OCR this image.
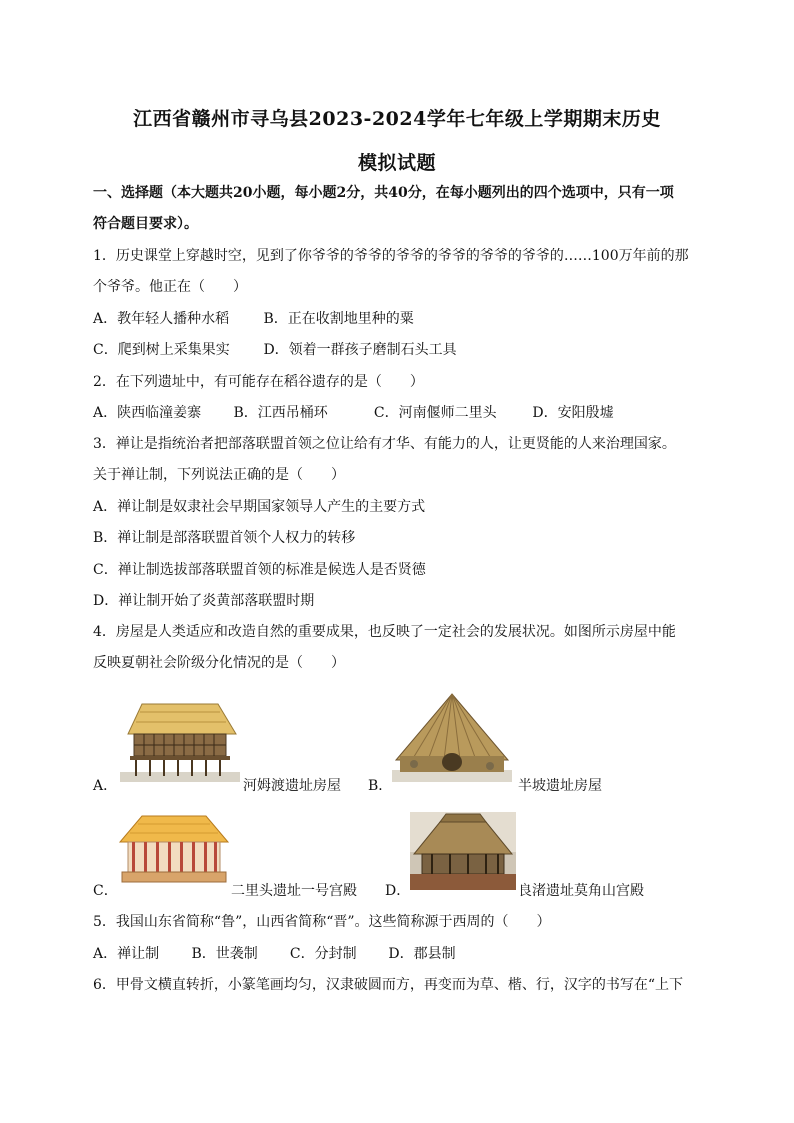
江西省赣州市寻乌县2023-2024学年七年级上学期期末历史
模拟试题
一、选择题（本大题共20小题，每小题2分，共40分，在每小题列出的四个选项中，只有一项
符合题目要求）。
1．历史课堂上穿越时空，见到了你爷爷的爷爷的爷爷的爷爷的爷爷的爷爷的……100万年前的那
个爷爷。他正在（　　）
A．教年轻人播种水稻 B．正在收割地里种的粟
C．爬到树上采集果实 D．领着一群孩子磨制石头工具
2．在下列遗址中，有可能存在稻谷遗存的是（　　）
A．陕西临潼姜寨 B．江西吊桶环	C．河南偃师二里头	D．安阳殷墟
3．禅让是指统治者把部落联盟首领之位让给有才华、有能力的人，让更贤能的人来治理国家。
关于禅让制，下列说法正确的是（　　）
A．禅让制是奴隶社会早期国家领导人产生的主要方式
B．禅让制是部落联盟首领个人权力的转移
C．禅让制选拔部落联盟首领的标准是候选人是否贤德
D．禅让制开始了炎黄部落联盟时期
4．房屋是人类适应和改造自然的重要成果，也反映了一定社会的发展状况。如图所示房屋中能
反映夏朝社会阶级分化情况的是（　　）
A．	河姆渡遗址房屋 B．	半坡遗址房屋
C．	二里头遗址一号宫殿 D．	良渚遗址莫角山宫殿
5．我国山东省简称“鲁”，山西省简称“晋”。这些简称源于西周的（　　）
A．禅让制 B．世袭制 C．分封制 D．郡县制
6．甲骨文横直转折，小篆笔画均匀，汉隶破圆而方，再变而为草、楷、行，汉字的书写在“上下
